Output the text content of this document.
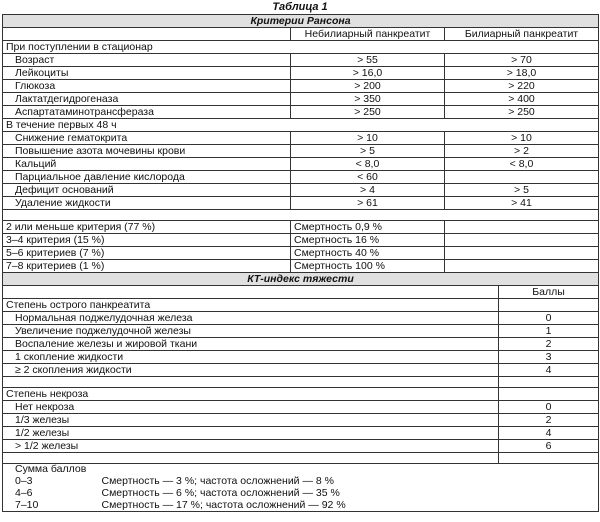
Таблица 1
Критерии Рансона		
	Небилиарный панкреатит	Билиарный панкреатит
При поступлении в стационар		
Возраст	> 55	> 70
Лейкоциты	> 16,0	> 18,0
Глюкоза	> 200	> 220
Лактатдегидрогеназа	> 350	> 400
Аспартатаминотрансфераза	> 250	> 250
В течение первых 48 ч		
Снижение гематокрита	> 10	> 10
Повышение азота мочевины крови	> 5	> 2
Кальций	< 8,0	< 8,0
Парциальное давление кислорода	< 60	
Дефицит оснований	> 4	> 5
Удаление жидкости	> 61	> 41

2 или меньше критерия (77 %)	Смертность 0,9 %	
3–4 критерия (15 %)	Смертность 16 %	
5–6 критериев (7 %)	Смертность 40 %	
7–8 критериев (1 %)	Смертность 100 %	
КТ-индекс тяжести		
	Баллы
Степень острого панкреатита	
Нормальная поджелудочная железа	0
Увеличение поджелудочной железы	1
Воспаление железы и жировой ткани	2
1 скопление жидкости	3
≥ 2 скопления жидкости	4

Степень некроза	
Нет некроза	0
1/3 железы	2
1/2 железы	4
> 1/2 железы	6

Сумма баллов	
0–3	Смертность — 3 %; частота осложнений — 8 %
4–6	Смертность — 6 %; частота осложнений — 35 %
7–10	Смертность — 17 %; частота осложнений — 92 %
